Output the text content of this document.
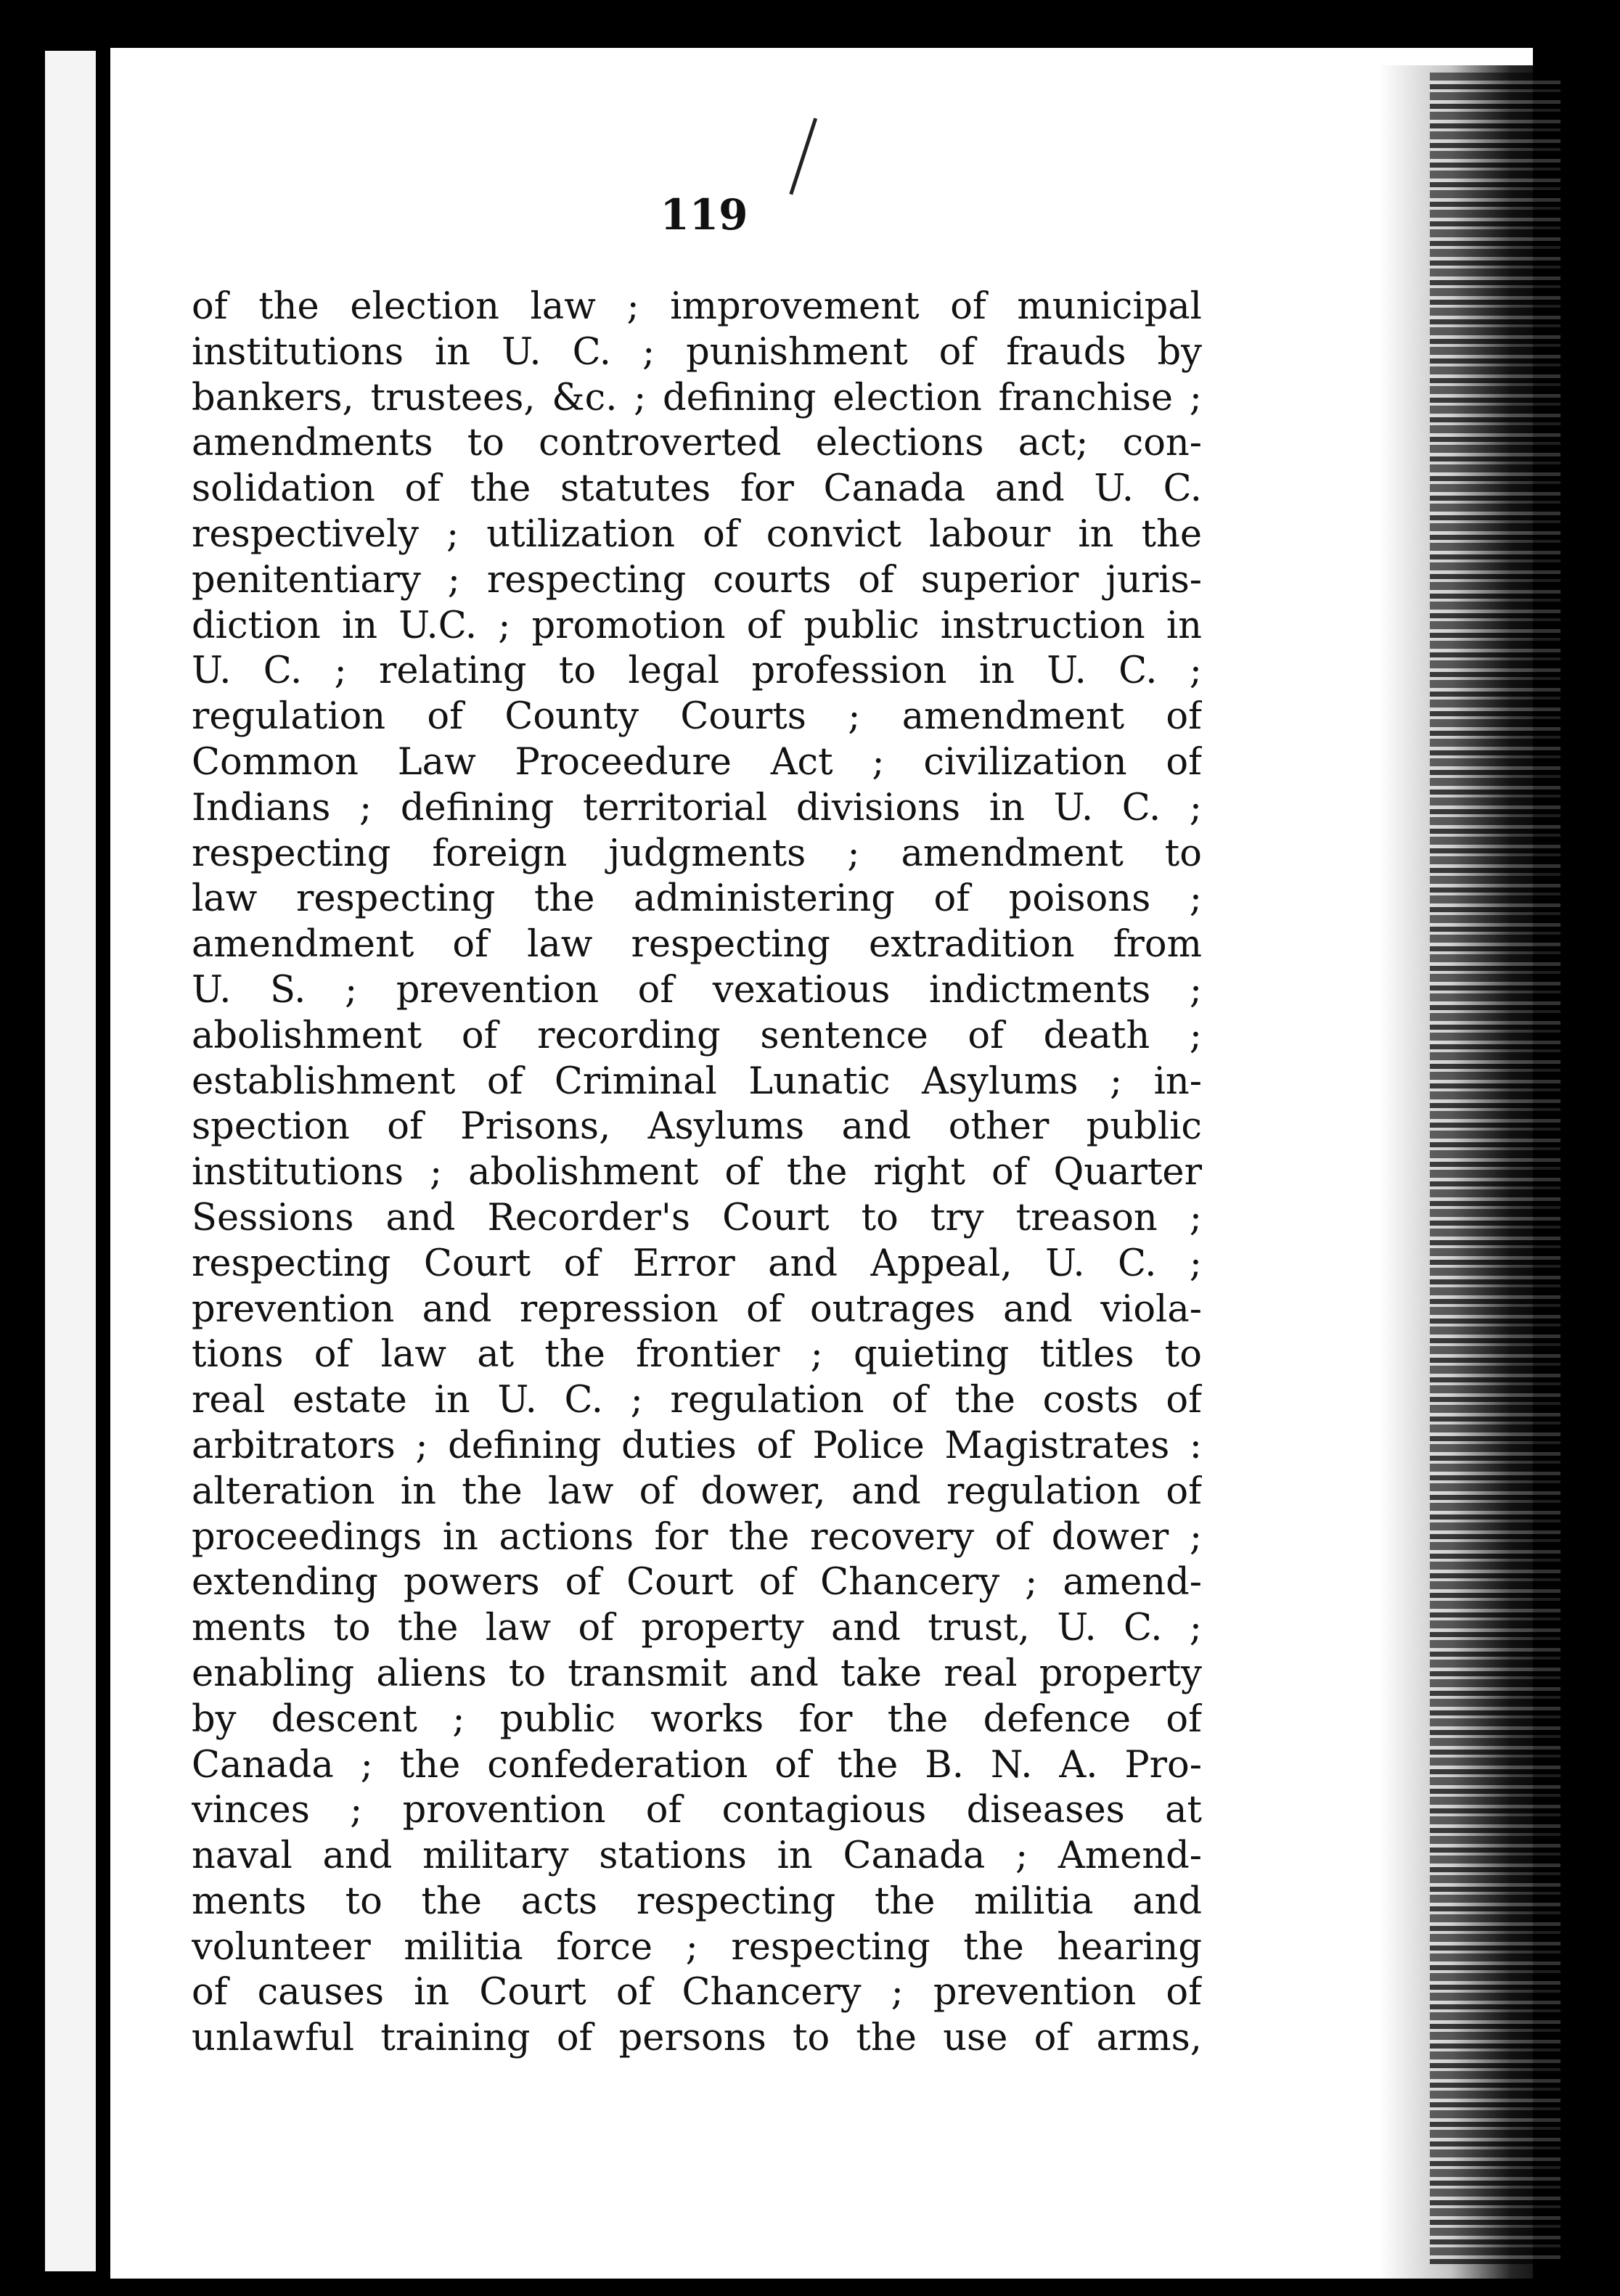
119
of the election law ; improvement of municipal
institutions in U. C. ; punishment of frauds by
bankers, trustees, &c. ; defining election franchise ;
amendments to controverted elections act; con-
solidation of the statutes for Canada and U. C.
respectively ; utilization of convict labour in the
penitentiary ; respecting courts of superior juris-
diction in U.C. ; promotion of public instruction in
U. C. ; relating to legal profession in U. C. ;
regulation of County Courts ; amendment of
Common Law Proceedure Act ; civilization of
Indians ; defining territorial divisions in U. C. ;
respecting foreign judgments ; amendment to
law respecting the administering of poisons ;
amendment of law respecting extradition from
U. S. ; prevention of vexatious indictments ;
abolishment of recording sentence of death ;
establishment of Criminal Lunatic Asylums ; in-
spection of Prisons, Asylums and other public
institutions ; abolishment of the right of Quarter
Sessions and Recorder's Court to try treason ;
respecting Court of Error and Appeal, U. C. ;
prevention and repression of outrages and viola-
tions of law at the frontier ; quieting titles to
real estate in U. C. ; regulation of the costs of
arbitrators ; defining duties of Police Magistrates :
alteration in the law of dower, and regulation of
proceedings in actions for the recovery of dower ;
extending powers of Court of Chancery ; amend-
ments to the law of property and trust, U. C. ;
enabling aliens to transmit and take real property
by descent ; public works for the defence of
Canada ; the confederation of the B. N. A. Pro-
vinces ; provention of contagious diseases at
naval and military stations in Canada ; Amend-
ments to the acts respecting the militia and
volunteer militia force ; respecting the hearing
of causes in Court of Chancery ; prevention of
unlawful training of persons to the use of arms,
